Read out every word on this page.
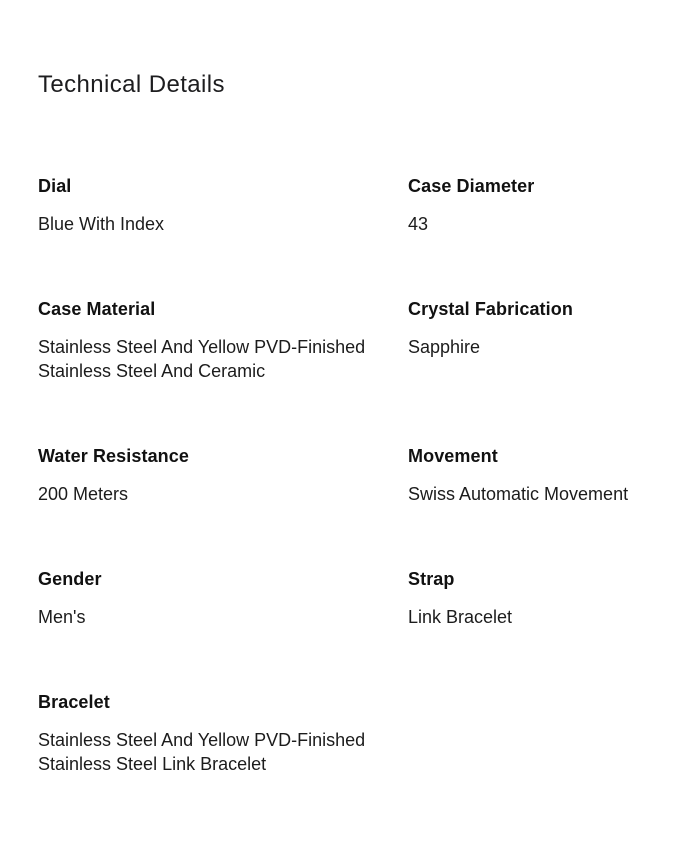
Technical Details
Dial
Blue With Index
Case Diameter
43
Case Material
Stainless Steel And Yellow PVD-Finished Stainless Steel And Ceramic
Crystal Fabrication
Sapphire
Water Resistance
200 Meters
Movement
Swiss Automatic Movement
Gender
Men's
Strap
Link Bracelet
Bracelet
Stainless Steel And Yellow PVD-Finished Stainless Steel Link Bracelet
